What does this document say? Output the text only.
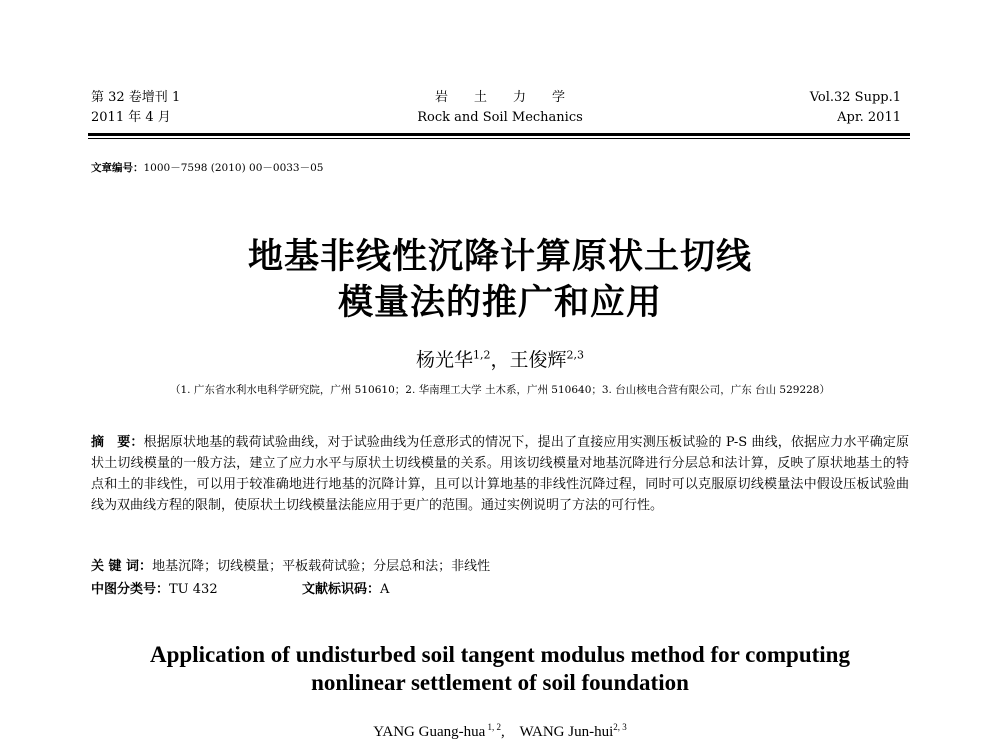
第 32 卷增刊 1
2011 年 4 月
岩土力学
Rock and Soil Mechanics
Vol.32 Supp.1
Apr. 2011
文章编号：1000－7598 (2010) 00－0033－05
地基非线性沉降计算原状土切线
模量法的推广和应用
杨光华$^{1,2}$，王俊辉$^{2,3}$
（1. 广东省水利水电科学研究院，广州 510610；2. 华南理工大学 土木系，广州 510640；3. 台山核电合营有限公司，广东 台山 529228）
摘　要：根据原状地基的载荷试验曲线，对于试验曲线为任意形式的情况下，提出了直接应用实测压板试验的 P-S 曲线，依据应力水平确定原状土切线模量的一般方法，建立了应力水平与原状土切线模量的关系。用该切线模量对地基沉降进行分层总和法计算，反映了原状地基土的特点和土的非线性，可以用于较准确地进行地基的沉降计算，且可以计算地基的非线性沉降过程，同时可以克服原切线模量法中假设压板试验曲线为双曲线方程的限制，使原状土切线模量法能应用于更广的范围。通过实例说明了方法的可行性。
关 键 词：地基沉降；切线模量；平板载荷试验；分层总和法；非线性
中图分类号：TU 432	文献标识码：A
Application of undisturbed soil tangent modulus method for computing
nonlinear settlement of soil foundation
YANG Guang-hua $^{1, 2}$,    WANG Jun-hui$^{2, 3}$
